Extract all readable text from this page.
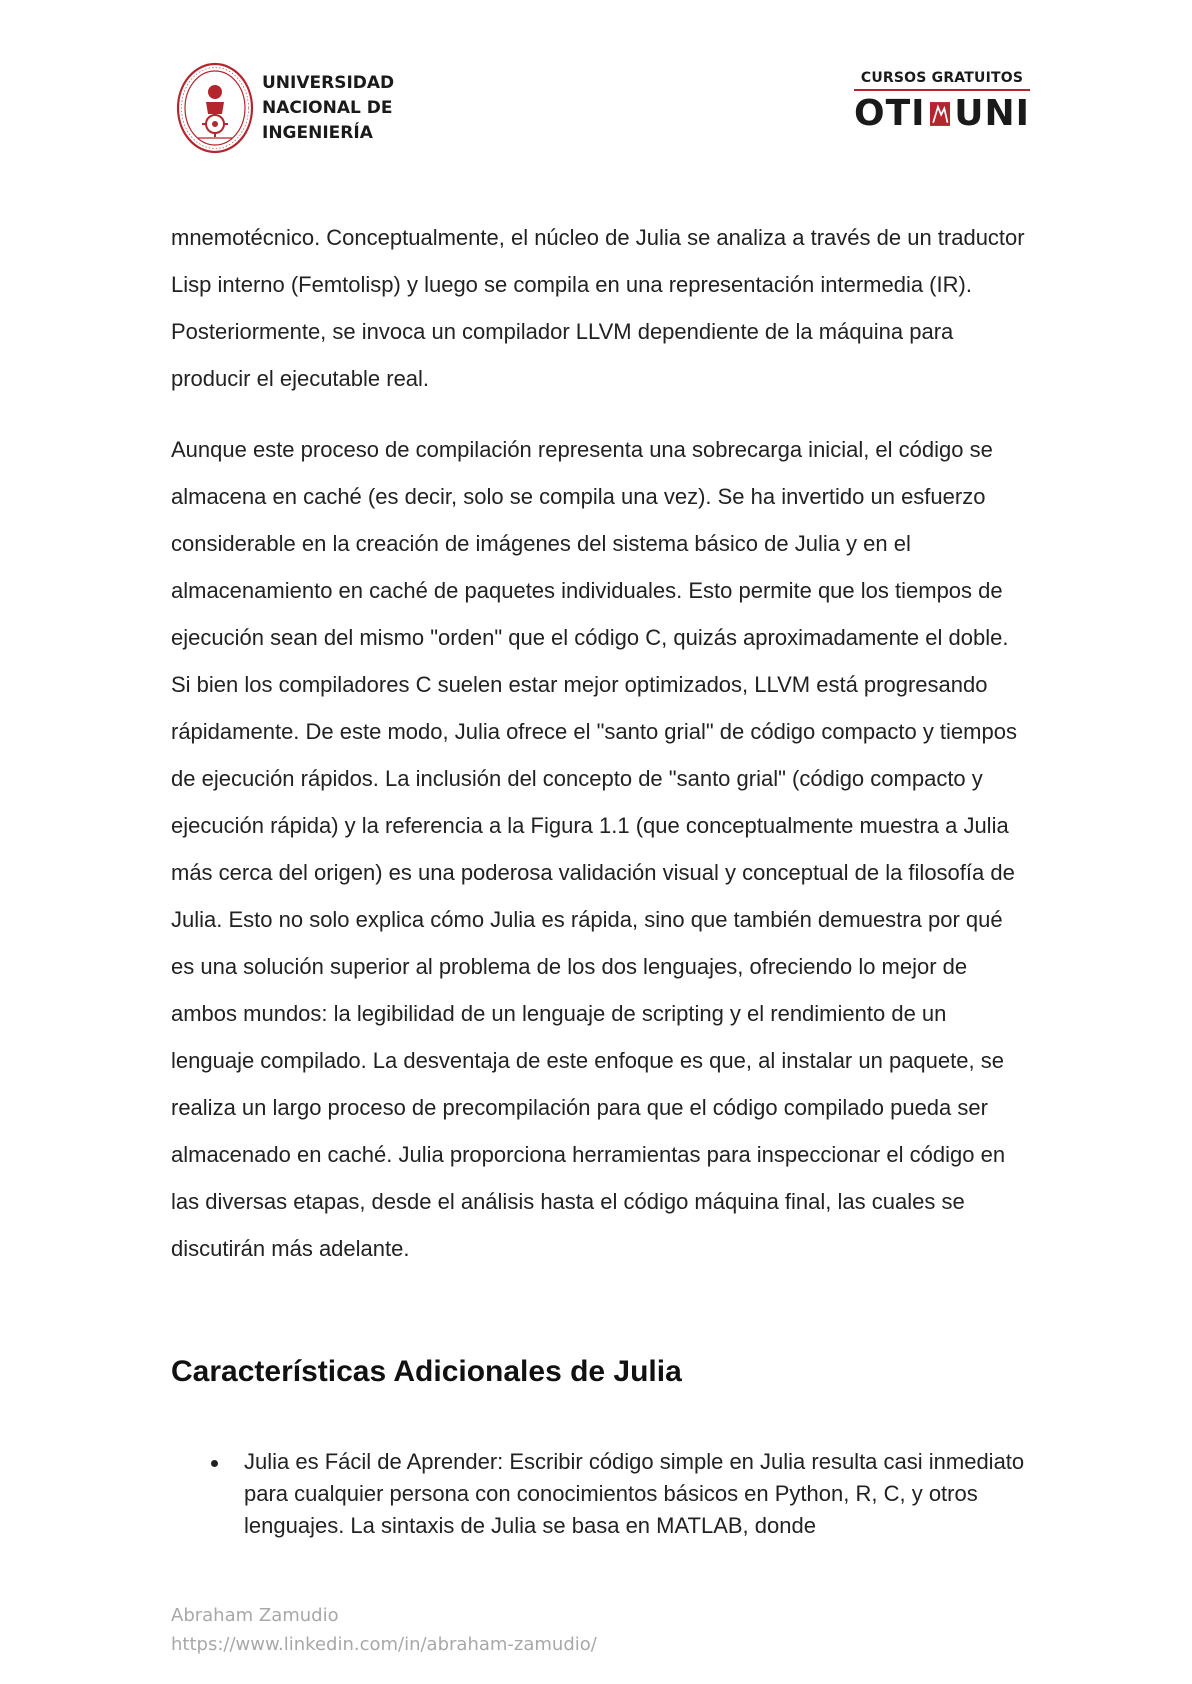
UNIVERSIDAD
NACIONAL DE
INGENIERÍA
CURSOS GRATUITOS
OTI UNI

mnemotécnico. Conceptualmente, el núcleo de Julia se analiza a través de un traductor Lisp interno (Femtolisp) y luego se compila en una representación intermedia (IR). Posteriormente, se invoca un compilador LLVM dependiente de la máquina para producir el ejecutable real.

Aunque este proceso de compilación representa una sobrecarga inicial, el código se almacena en caché (es decir, solo se compila una vez). Se ha invertido un esfuerzo considerable en la creación de imágenes del sistema básico de Julia y en el almacenamiento en caché de paquetes individuales. Esto permite que los tiempos de ejecución sean del mismo "orden" que el código C, quizás aproximadamente el doble. Si bien los compiladores C suelen estar mejor optimizados, LLVM está progresando rápidamente. De este modo, Julia ofrece el "santo grial" de código compacto y tiempos de ejecución rápidos. La inclusión del concepto de "santo grial" (código compacto y ejecución rápida) y la referencia a la Figura 1.1 (que conceptualmente muestra a Julia más cerca del origen) es una poderosa validación visual y conceptual de la filosofía de Julia. Esto no solo explica cómo Julia es rápida, sino que también demuestra por qué es una solución superior al problema de los dos lenguajes, ofreciendo lo mejor de ambos mundos: la legibilidad de un lenguaje de scripting y el rendimiento de un lenguaje compilado. La desventaja de este enfoque es que, al instalar un paquete, se realiza un largo proceso de precompilación para que el código compilado pueda ser almacenado en caché. Julia proporciona herramientas para inspeccionar el código en las diversas etapas, desde el análisis hasta el código máquina final, las cuales se discutirán más adelante.

Características Adicionales de Julia
Julia es Fácil de Aprender: Escribir código simple en Julia resulta casi inmediato para cualquier persona con conocimientos básicos en Python, R, C, y otros lenguajes. La sintaxis de Julia se basa en MATLAB, donde
Abraham Zamudio
https://www.linkedin.com/in/abraham-zamudio/
